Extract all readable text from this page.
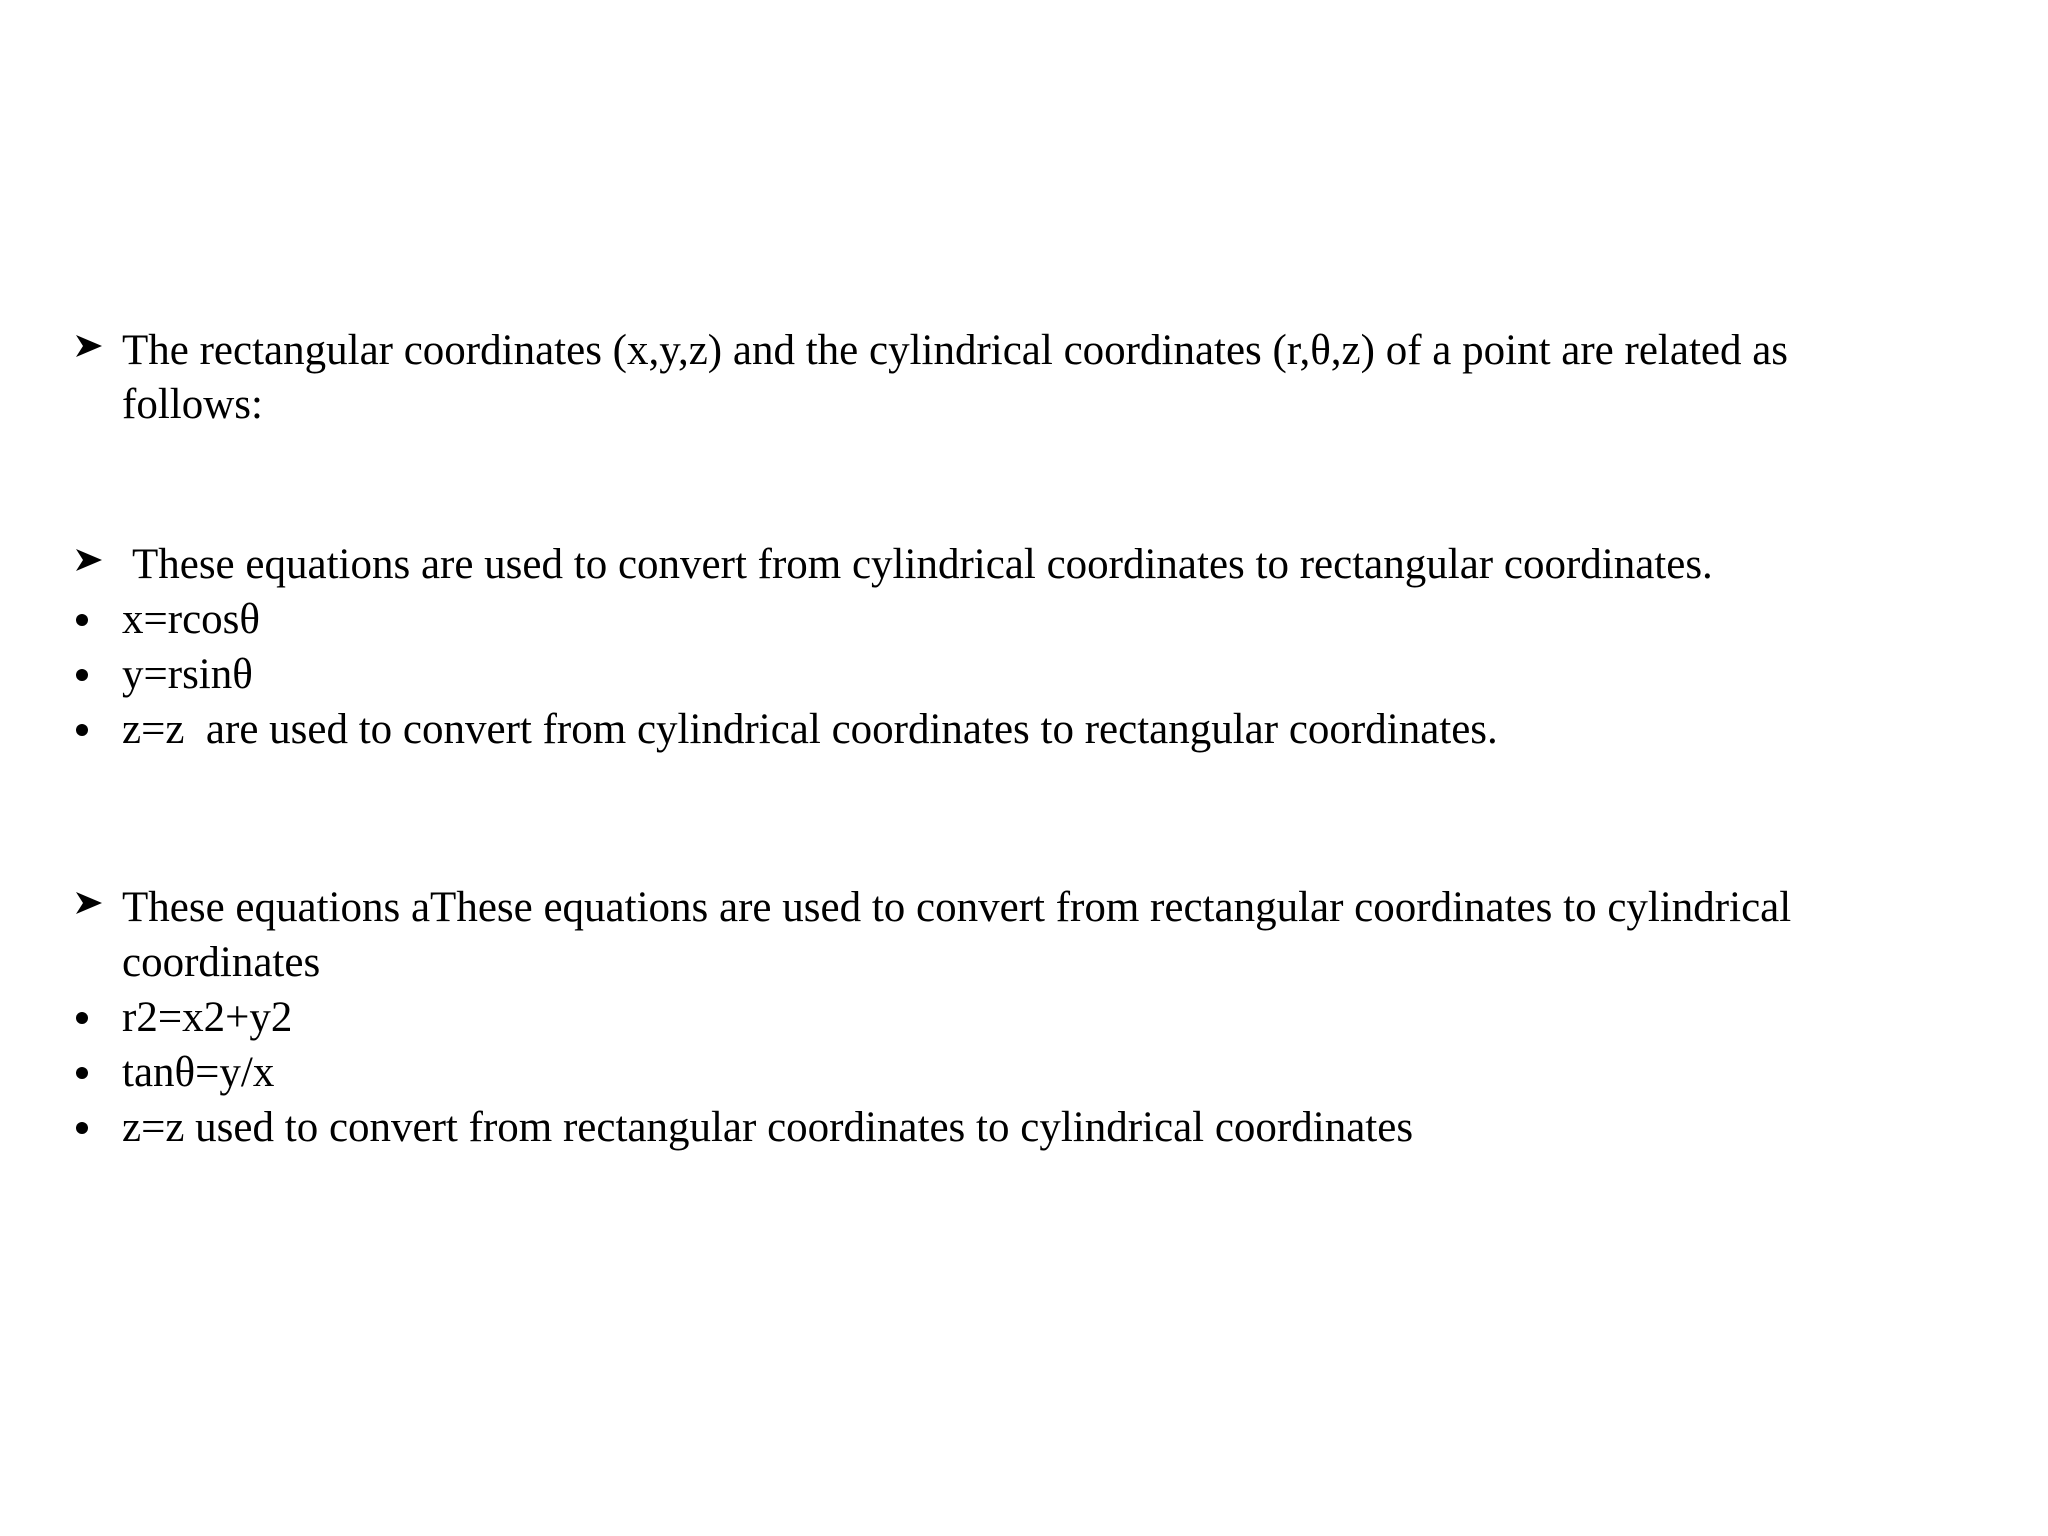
The rectangular coordinates (x,y,z) and the cylindrical coordinates (r,θ,z) of a point are related as
follows:
These equations are used to convert from cylindrical coordinates to rectangular coordinates.
x=rcosθ
y=rsinθ
z=z  are used to convert from cylindrical coordinates to rectangular coordinates.
These equations aThese equations are used to convert from rectangular coordinates to cylindrical
coordinates
r2=x2+y2
tanθ=y/x
z=z used to convert from rectangular coordinates to cylindrical coordinates
